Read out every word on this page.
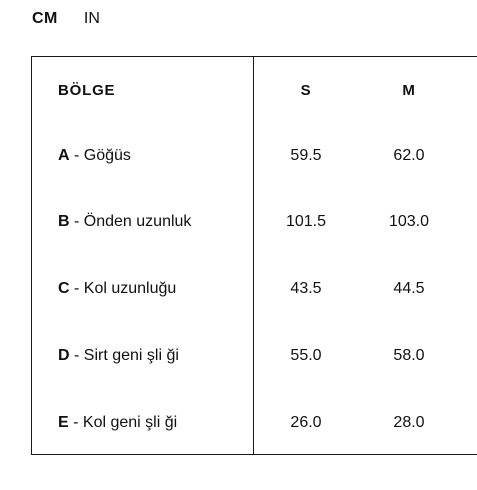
CM IN
BÖLGE	S	M
A - Göğüs	59.5	62.0
B - Önden uzunluk	101.5	103.0
C - Kol uzunluğu	43.5	44.5
D - Sirt geni şli ği	55.0	58.0
E - Kol geni şli ği	26.0	28.0
